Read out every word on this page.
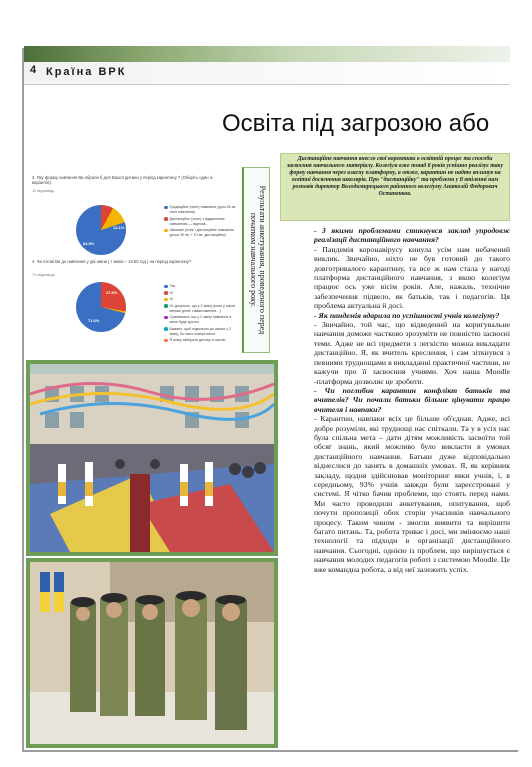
4 Країна ВРК
Освіта під загрозою або
3. Яку форму навчання Ви обрали б для Вашої дитини у період карантину ? (Оберіть один із варіантів).
11 відповідь
84.9%
12.1%
Традиційне (очне) навчання (урок 45 хв. очне навчання)
Дистанційне (очне) з віддаленим навчанням — відеозв...
Змішане (очне і дистанційне навчання, уроки 35 хв. + 10 хв. дистанційно)
4. Чи готові Ви до навчання у дві зміни ( І зміна – 14:00 год.) на період карантину?
71 відповідь
71.6%
27.8%
Так
Ні
Ні
Ні, доцільно, що у 2 зміну (коли у школі менше дітей, навантаження…)
Сумніваюся, що у 2 зміну навчання в мене буде зручно
Бажано, щоб підвозили до школи у 2 зміну, бо пізно повертатися
Я можу забирати дитину зі школи
Результати анкетування, проведеного перед початком навчального року.
Дистанційне навчання внесло свої корективи в освітній процес та способи засвоєння навчального матеріалу. Колегіум вже понад 8 років успішно реалізує таку форму навчання через власну платформу, а отже, карантин не надто вплинув на освітні досягнення школярів. Про "дистанційку" та проблеми у її втіленні нам розповів директор Володимирецького районного колегіуму Анатолій Федорович Остапенков.

- З якими проблемами стикнувся заклад упродовж реалізації дистанційного навчання?

- Пандемія коронавірусу кинула усім нам небачений виклик. Звичайно, ніхто не був готовий до такого довготривалого карантину, та все ж нам стала у нагоді платформа дистанційного навчання, з якою колегіум працює ось уже вісім років. Але, нажаль, технічне забезпечення підвело, як батьків, так і педагогів. Ця проблема актуальна й досі.

- Як пандемія вдарила по успішності учнів колегіуму?

- Звичайно, той час, що відведений на коригувальне навчання доможе частково зрозуміти не повністю засвоєні теми. Адже не всі предмети з легкістю можна викладати дистанційно. Я, як вчитель креслення, і сам зіткнувся з певними труднощами в викладанні практичної частини, не кажучи про її засвоєння учнями. Хоч наша Moodle -платформа дозволяє це зробити.

- Чи поглибив карантин конфлікт батьків та вчителів? Чи почали батьки більше цінувати працю вчителя і навпаки?

- Карантин, навпаки всіх це більше об'єднав. Адже, всі добре розуміли, які труднощі нас спіткали. Та у в усіх нас була спільна мета – дати дітям можливість засвоїти той обсяг знань, який можливо було викласти в умовах дистанційного навчання. Батьки дуже відповідально віднеслися до занять в домашніх умовах. Я, як керівник закладу, щодня здійснював моніторинг явки учнів, і, в середньому, 93% учнів завжди були зареєстровані у системі. Я чітко бачив проблеми, що стоять перед нами. Ми часто проводили анкетування, опитування, щоб почути пропозиції обох сторін учасників навчального процесу. Таким чином - змогли виявити та вирішити багато питань. Та, робота триває і досі, ми змінюємо наші технології та підходи в організації дистанційного навчання. Сьогодні, однією із проблем, що вирішується є навчання молодих педагогів роботі з системою Moodle. Це вже командна робота, а від неї залежить успіх.
